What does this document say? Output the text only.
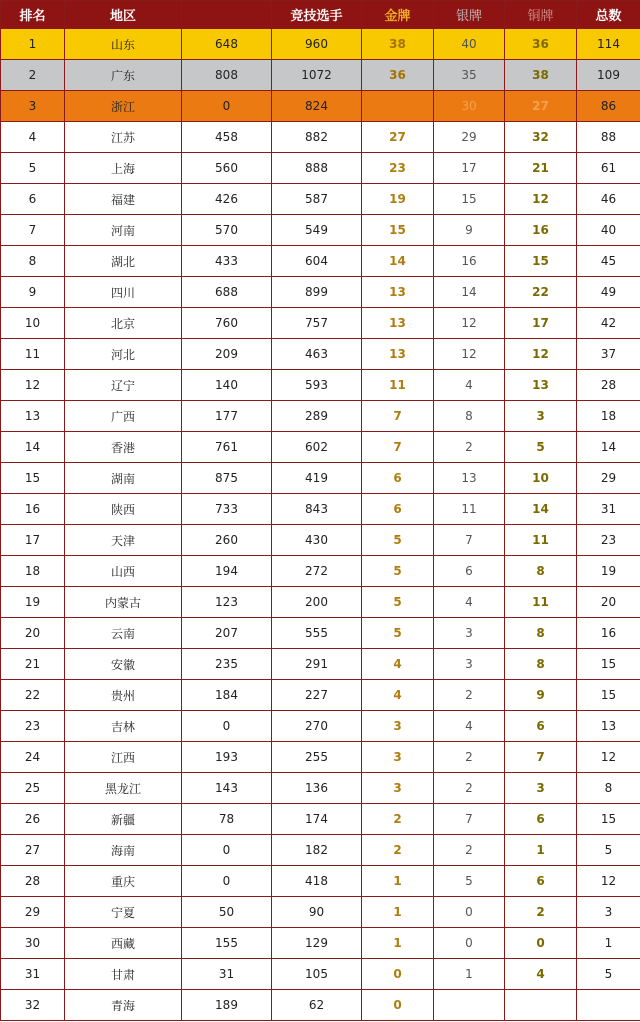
排名	地区		竞技选手	金牌	银牌	铜牌	总数
1	山东	648	960	38	40	36	114
2	广东	808	1072	36	35	38	109
3	浙江	0	824		30	27	86
4	江苏	458	882	27	29	32	88
5	上海	560	888	23	17	21	61
6	福建	426	587	19	15	12	46
7	河南	570	549	15	9	16	40
8	湖北	433	604	14	16	15	45
9	四川	688	899	13	14	22	49
10	北京	760	757	13	12	17	42
11	河北	209	463	13	12	12	37
12	辽宁	140	593	11	4	13	28
13	广西	177	289	7	8	3	18
14	香港	761	602	7	2	5	14
15	湖南	875	419	6	13	10	29
16	陕西	733	843	6	11	14	31
17	天津	260	430	5	7	11	23
18	山西	194	272	5	6	8	19
19	内蒙古	123	200	5	4	11	20
20	云南	207	555	5	3	8	16
21	安徽	235	291	4	3	8	15
22	贵州	184	227	4	2	9	15
23	吉林	0	270	3	4	6	13
24	江西	193	255	3	2	7	12
25	黑龙江	143	136	3	2	3	8
26	新疆	78	174	2	7	6	15
27	海南	0	182	2	2	1	5
28	重庆	0	418	1	5	6	12
29	宁夏	50	90	1	0	2	3
30	西藏	155	129	1	0	0	1
31	甘肃	31	105	0	1	4	5
32	青海	189	62	0			
